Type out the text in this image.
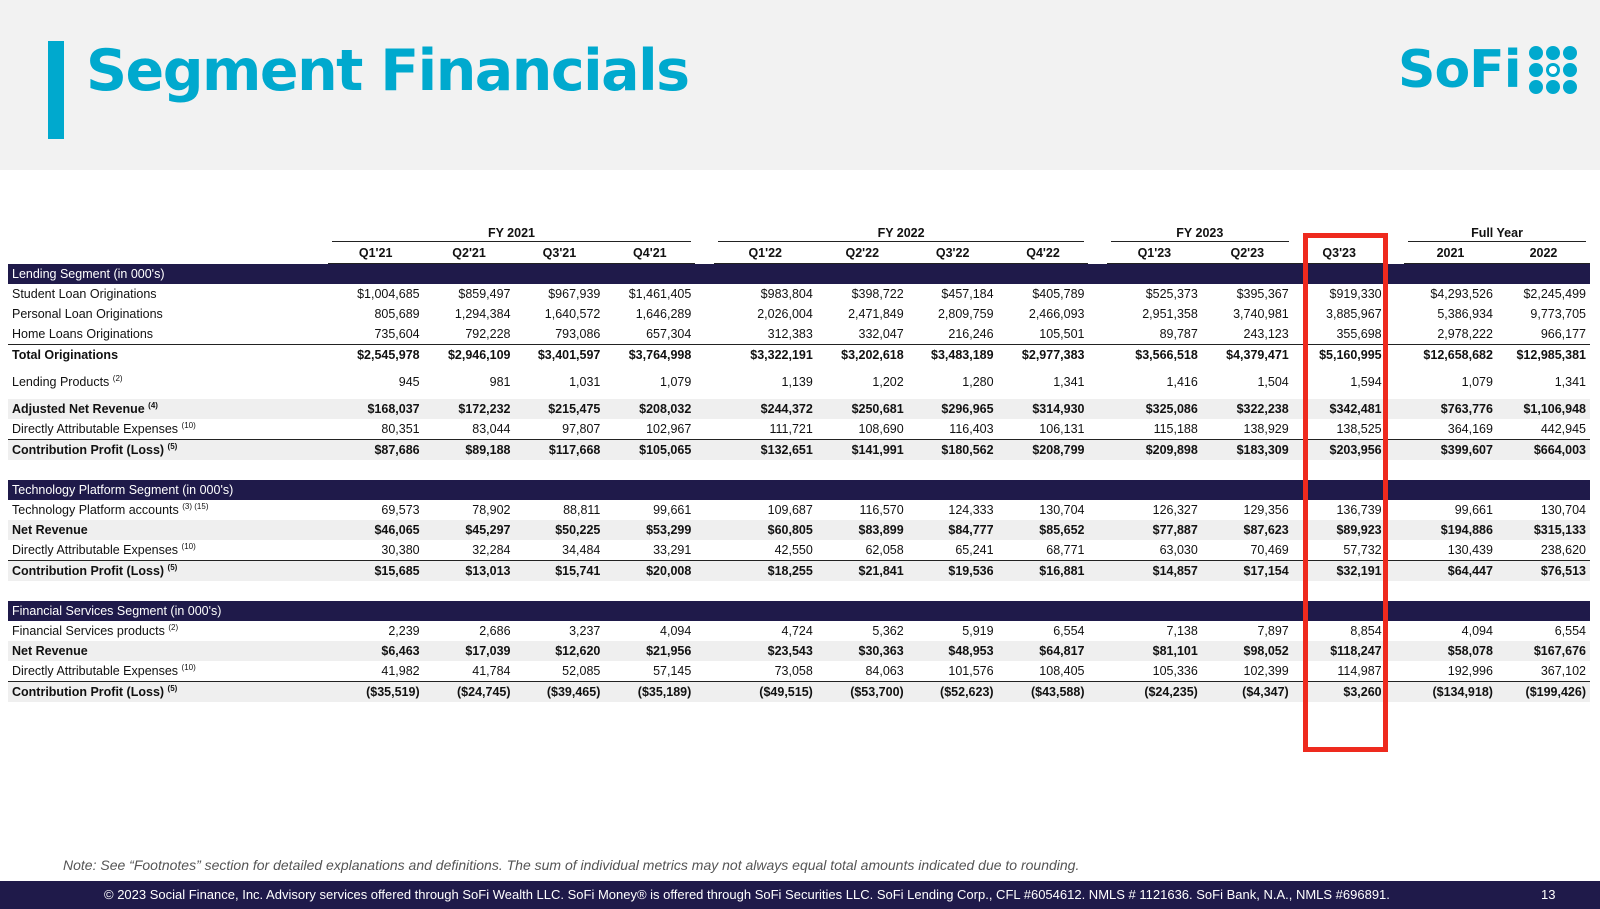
Segment Financials	SoFi

	FY 2021					FY 2022					FY 2023				Full Year	

	Q1'21	Q2'21	Q3'21	Q4'21		Q1'22	Q2'22	Q3'22	Q4'22		Q1'23	Q2'23	Q3'23		2021	2022
Lending Segment (in 000's)																
Student Loan Originations	$1,004,685	$859,497	$967,939	$1,461,405		$983,804	$398,722	$457,184	$405,789		$525,373	$395,367	$919,330		$4,293,526	$2,245,499
Personal Loan Originations	805,689	1,294,384	1,640,572	1,646,289		2,026,004	2,471,849	2,809,759	2,466,093		2,951,358	3,740,981	3,885,967		5,386,934	9,773,705
Home Loans Originations	735,604	792,228	793,086	657,304		312,383	332,047	216,246	105,501		89,787	243,123	355,698		2,978,222	966,177
Total Originations	$2,545,978	$2,946,109	$3,401,597	$3,764,998		$3,322,191	$3,202,618	$3,483,189	$2,977,383		$3,566,518	$4,379,471	$5,160,995		$12,658,682	$12,985,381
Lending Products $^{(2)}$	945	981	1,031	1,079		1,139	1,202	1,280	1,341		1,416	1,504	1,594		1,079	1,341
Adjusted Net Revenue $^{(4)}$	$168,037	$172,232	$215,475	$208,032		$244,372	$250,681	$296,965	$314,930		$325,086	$322,238	$342,481		$763,776	$1,106,948
Directly Attributable Expenses $^{(10)}$	80,351	83,044	97,807	102,967		111,721	108,690	116,403	106,131		115,188	138,929	138,525		364,169	442,945
Contribution Profit (Loss) $^{(5)}$	$87,686	$89,188	$117,668	$105,065		$132,651	$141,991	$180,562	$208,799		$209,898	$183,309	$203,956		$399,607	$664,003

Technology Platform Segment (in 000's)																
Technology Platform accounts $^{(3) (15)}$	69,573	78,902	88,811	99,661		109,687	116,570	124,333	130,704		126,327	129,356	136,739		99,661	130,704
Net Revenue	$46,065	$45,297	$50,225	$53,299		$60,805	$83,899	$84,777	$85,652		$77,887	$87,623	$89,923		$194,886	$315,133
Directly Attributable Expenses $^{(10)}$	30,380	32,284	34,484	33,291		42,550	62,058	65,241	68,771		63,030	70,469	57,732		130,439	238,620
Contribution Profit (Loss) $^{(5)}$	$15,685	$13,013	$15,741	$20,008		$18,255	$21,841	$19,536	$16,881		$14,857	$17,154	$32,191		$64,447	$76,513

Financial Services Segment (in 000's)																
Financial Services products $^{(2)}$	2,239	2,686	3,237	4,094		4,724	5,362	5,919	6,554		7,138	7,897	8,854		4,094	6,554
Net Revenue	$6,463	$17,039	$12,620	$21,956		$23,543	$30,363	$48,953	$64,817		$81,101	$98,052	$118,247		$58,078	$167,676
Directly Attributable Expenses $^{(10)}$	41,982	41,784	52,085	57,145		73,058	84,063	101,576	108,405		105,336	102,399	114,987		192,996	367,102
Contribution Profit (Loss) $^{(5)}$	($35,519)	($24,745)	($39,465)	($35,189)		($49,515)	($53,700)	($52,623)	($43,588)		($24,235)	($4,347)	$3,260		($134,918)	($199,426)
Note: See “Footnotes” section for detailed explanations and definitions. The sum of individual metrics may not always equal total amounts indicated due to rounding.
© 2023 Social Finance, Inc. Advisory services offered through SoFi Wealth LLC. SoFi Money® is offered through SoFi Securities LLC. SoFi Lending Corp., CFL #6054612. NMLS # 1121636. SoFi Bank, N.A., NMLS #696891.	13
